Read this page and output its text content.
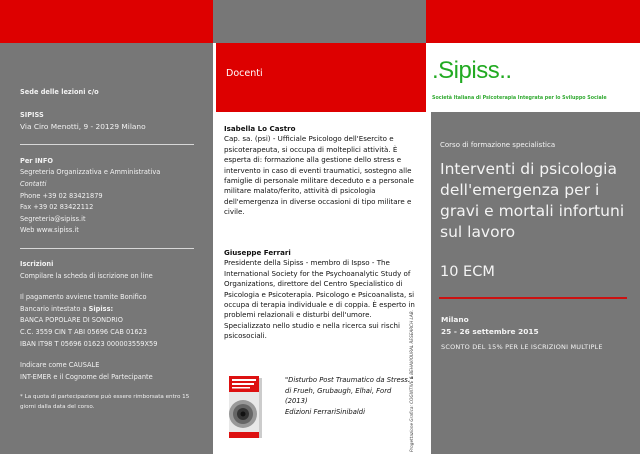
Sede delle lezioni c/o
SIPISS
Via Ciro Menotti, 9 - 20129 Milano
Per INFO
Segreteria Organizzativa e Amministrativa
Contatti
Phone +39 02 83421879
Fax +39 02 83422112
Segreteria@sipiss.it
Web www.sipiss.it
Iscrizioni
Compilare la scheda di iscrizione on line
Il pagamento avviene tramite Bonifico
Bancario intestato a Sipiss:
BANCA POPOLARE DI SONDRIO
C.C. 3559 CIN T ABI 05696 CAB 01623
IBAN IT98 T 05696 01623 000003559X59
Indicare come CAUSALE
INT-EMER e il Cognome del Partecipante
* La quota di partecipazione può essere rimborsata entro 15 giorni dalla data del corso.
Docenti
Isabella Lo Castro
Cap. sa. (psi) - Ufficiale Psicologo dell'Esercito e psicoterapeuta, si occupa di molteplici attività. È esperta di: formazione alla gestione dello stress e intervento in caso di eventi traumatici, sostegno alle famiglie di personale militare deceduto e a personale militare malato/ferito, attività di psicologia dell'emergenza in diverse occasioni di tipo militare e civile.
Giuseppe Ferrari
Presidente della Sipiss - membro di Ispso - The International Society for the Psychoanalytic Study of Organizations, direttore del Centro Specialistico di Psicologia e Psicoterapia. Psicologo e Psicoanalista, si occupa di terapia individuale e di coppia. È esperto in problemi relazionali e disturbi dell'umore. Specializzato nello studio e nella ricerca sui rischi psicosociali.
"Disturbo Post Traumatico da Stress." di Frueh, Grubaugh, Elhai, Ford
(2013)
Edizioni FerrariSinibaldi	Progettazione Grafica: COGNITIVE & BEHAVIOURAL RESEARCH LAB.
.Sipiss..
Società Italiana di Psicoterapia Integrata per lo Sviluppo Sociale
Corso di formazione specialistica
Interventi di psicologia dell'emergenza per i gravi e mortali infortuni sul lavoro
10 ECM
Milano
25 - 26 settembre 2015
SCONTO DEL 15% PER LE ISCRIZIONI MULTIPLE
